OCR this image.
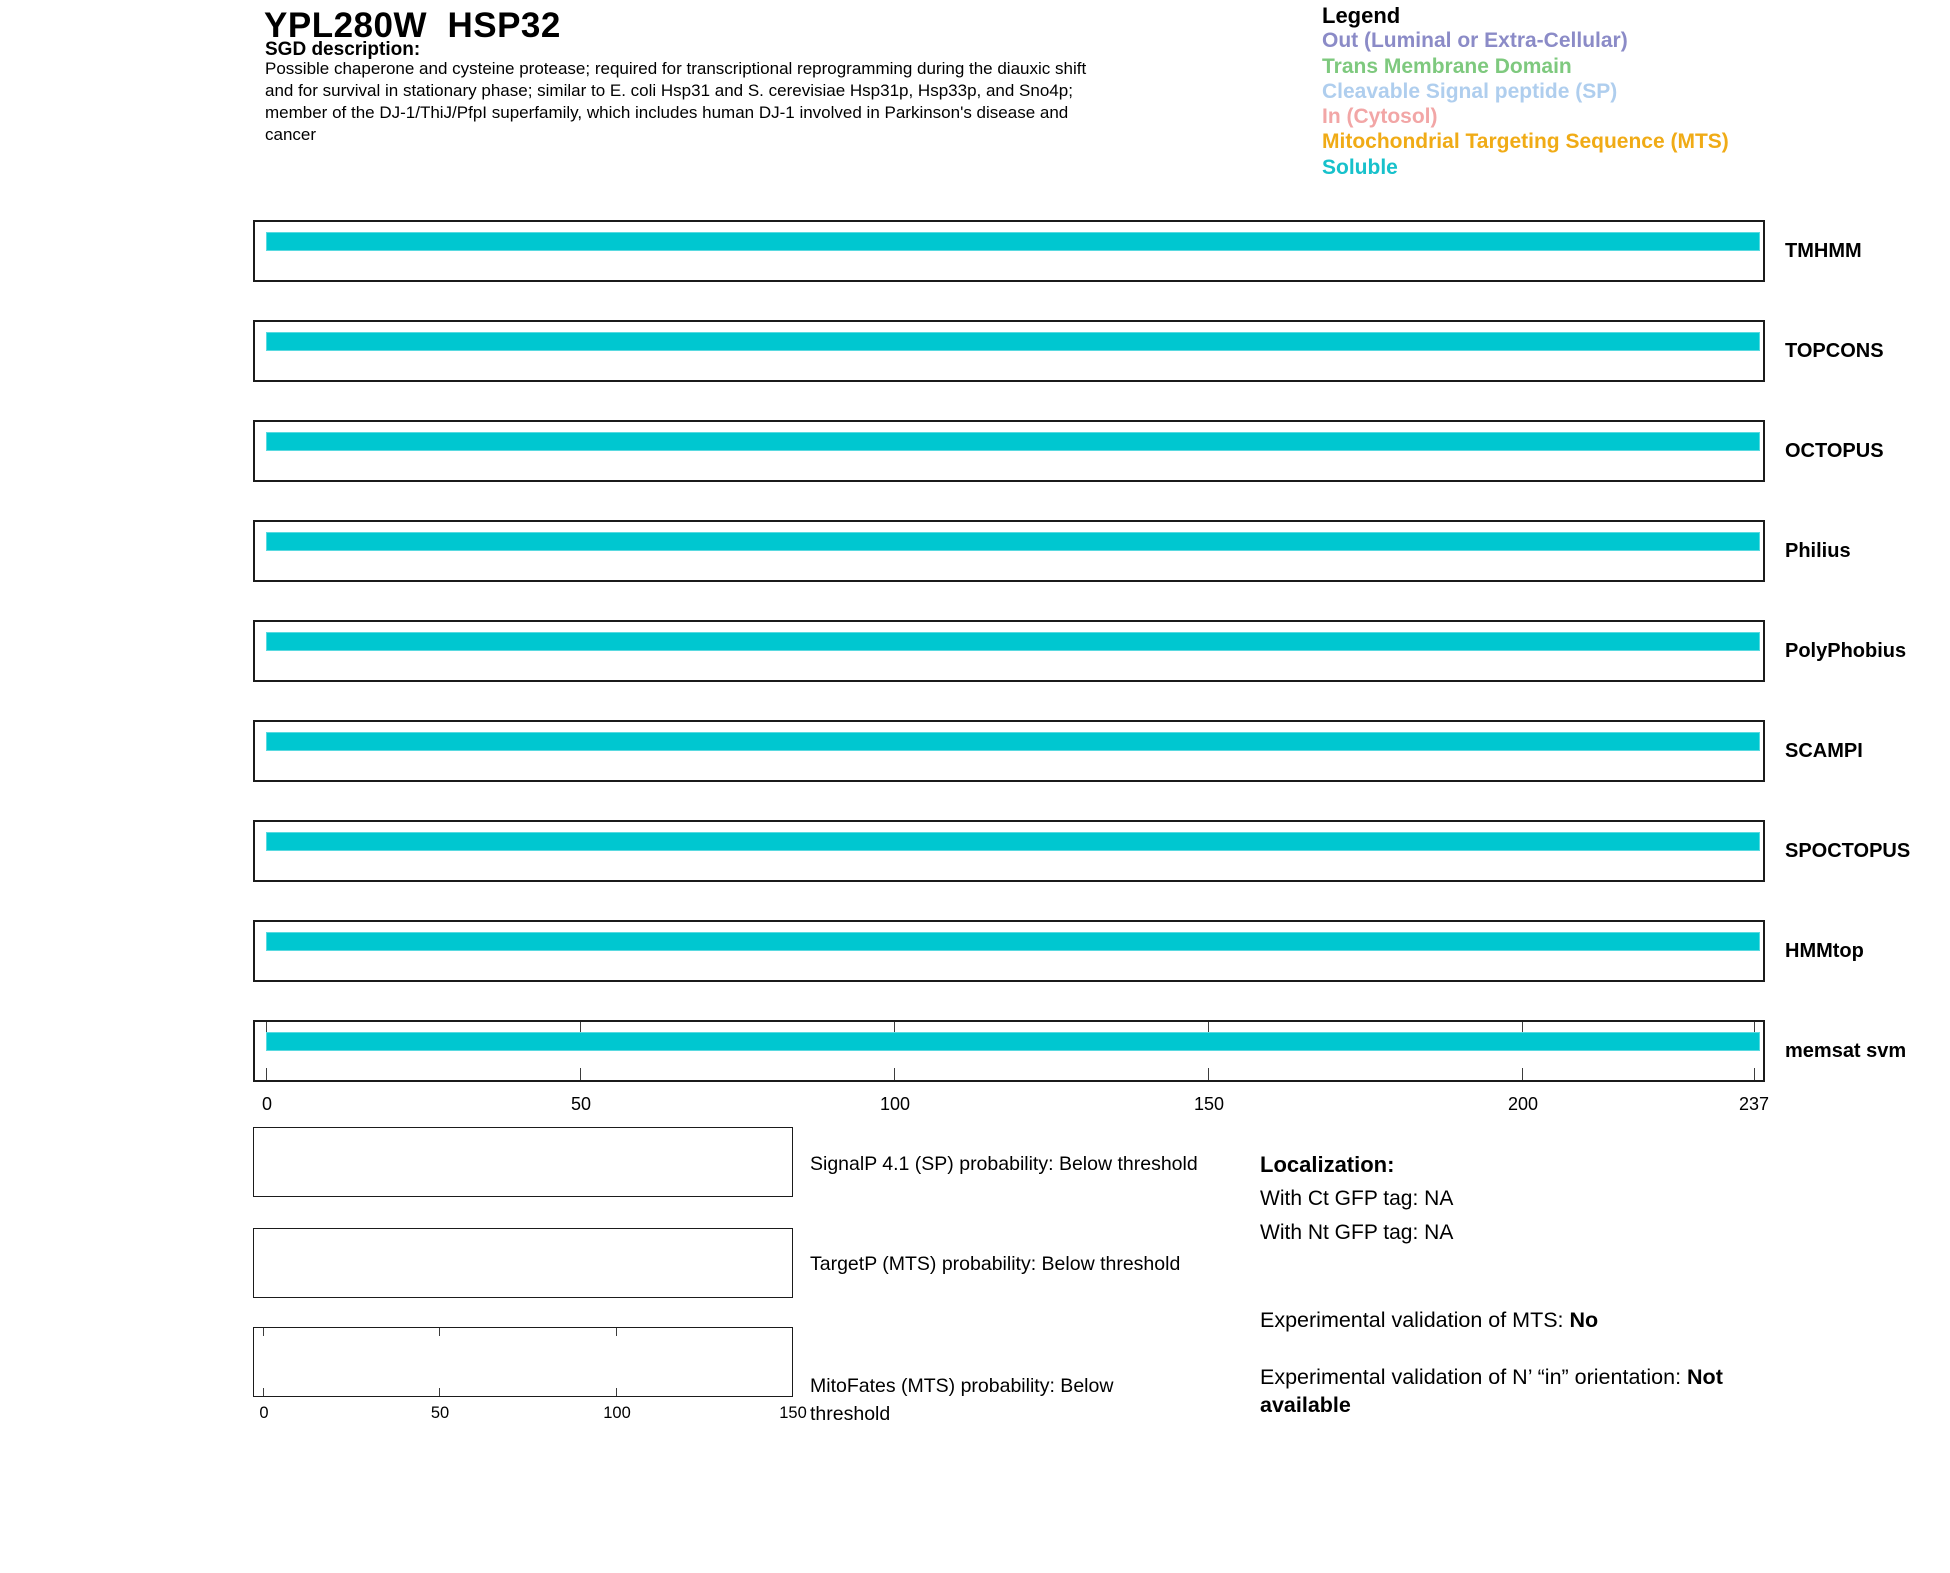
YPL280W  HSP32
SGD description:
Possible chaperone and cysteine protease; required for transcriptional reprogramming during the diauxic shift
and for survival in stationary phase; similar to E. coli Hsp31 and S. cerevisiae Hsp31p, Hsp33p, and Sno4p;
member of the DJ-1/ThiJ/PfpI superfamily, which includes human DJ-1 involved in Parkinson's disease and
cancer
Legend
Out (Luminal or Extra-Cellular)
Trans Membrane Domain
Cleavable Signal peptide (SP)
In (Cytosol)
Mitochondrial Targeting Sequence (MTS)
Soluble
TMHMM
TOPCONS
OCTOPUS
Philius
PolyPhobius
SCAMPI
SPOCTOPUS
HMMtop
memsat svm
0	50	100	150	200	237
SignalP 4.1 (SP) probability: Below threshold
TargetP (MTS) probability: Below threshold
MitoFates (MTS) probability: Below threshold
0	50	100	150
Localization:
With Ct GFP tag: NA
With Nt GFP tag: NA
Experimental validation of MTS: No
Experimental validation of N’ “in” orientation: Not available
